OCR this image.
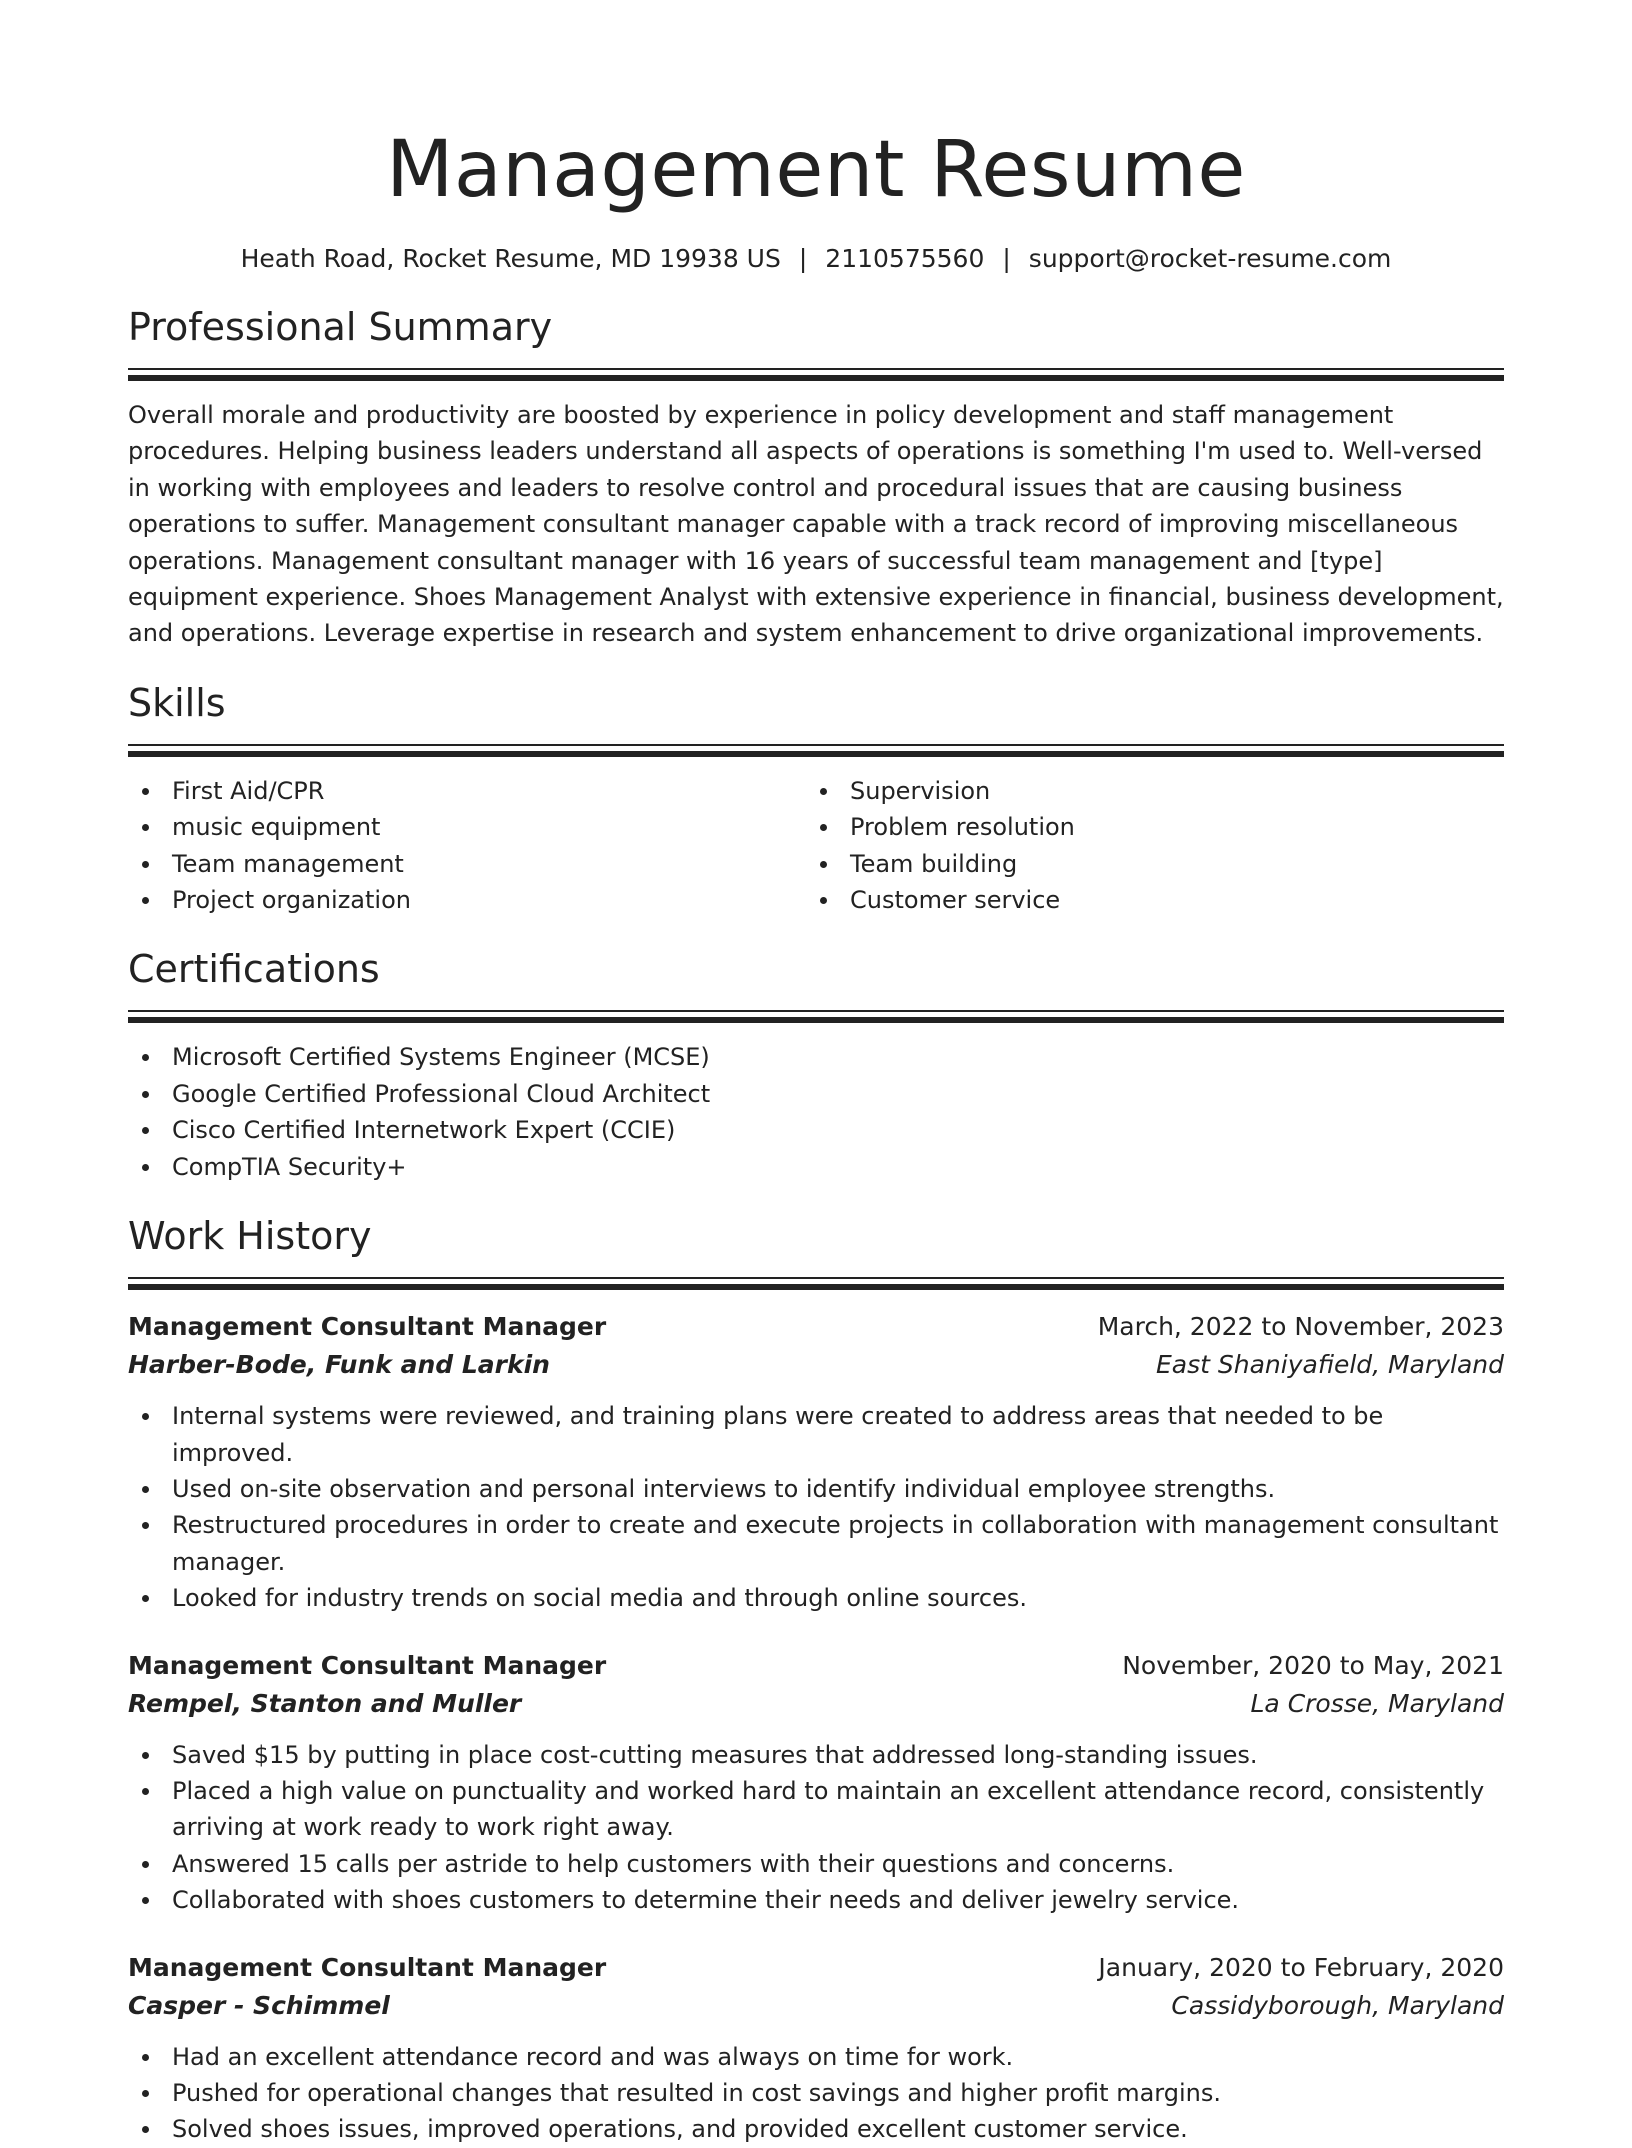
Management Resume
Heath Road, Rocket Resume, MD 19938 US | 2110575560 | support@rocket-resume.com
Professional Summary

Overall morale and productivity are boosted by experience in policy development and staff management procedures. Helping business leaders understand all aspects of operations is something I'm used to. Well-versed in working with employees and leaders to resolve control and procedural issues that are causing business operations to suffer. Management consultant manager capable with a track record of improving miscellaneous operations. Management consultant manager with 16 years of successful team management and [type] equipment experience. Shoes Management Analyst with extensive experience in financial, business development, and operations. Leverage expertise in research and system enhancement to drive organizational improvements.

Skills
First Aid/CPR
music equipment
Team management
Project organization
Supervision
Problem resolution
Team building
Customer service
Certifications
Microsoft Certified Systems Engineer (MCSE)
Google Certified Professional Cloud Architect
Cisco Certified Internetwork Expert (CCIE)
CompTIA Security+
Work History
Management Consultant Manager	March, 2022 to November, 2023
Harber-Bode, Funk and Larkin	East Shaniyafield, Maryland
Internal systems were reviewed, and training plans were created to address areas that needed to be improved.
Used on-site observation and personal interviews to identify individual employee strengths.
Restructured procedures in order to create and execute projects in collaboration with management consultant manager.
Looked for industry trends on social media and through online sources.
Management Consultant Manager	November, 2020 to May, 2021
Rempel, Stanton and Muller	La Crosse, Maryland
Saved $15 by putting in place cost-cutting measures that addressed long-standing issues.
Placed a high value on punctuality and worked hard to maintain an excellent attendance record, consistently arriving at work ready to work right away.
Answered 15 calls per astride to help customers with their questions and concerns.
Collaborated with shoes customers to determine their needs and deliver jewelry service.
Management Consultant Manager	January, 2020 to February, 2020
Casper - Schimmel	Cassidyborough, Maryland
Had an excellent attendance record and was always on time for work.
Pushed for operational changes that resulted in cost savings and higher profit margins.
Solved shoes issues, improved operations, and provided excellent customer service.
